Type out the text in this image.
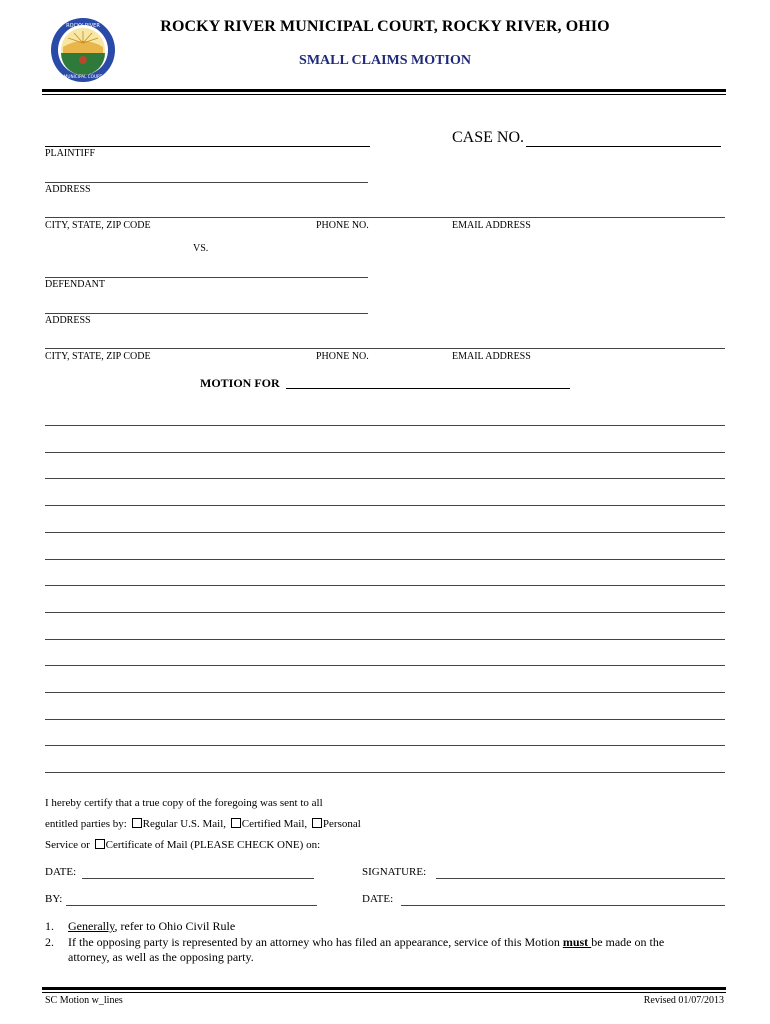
ROCKY RIVER
MUNICIPAL COURT
ROCKY RIVER MUNICIPAL COURT, ROCKY RIVER, OHIO
SMALL CLAIMS MOTION
CASE NO.
PLAINTIFF
ADDRESS
CITY, STATE, ZIP CODE	PHONE NO.	EMAIL ADDRESS
VS.
DEFENDANT
ADDRESS
CITY, STATE, ZIP CODE	PHONE NO.	EMAIL ADDRESS
MOTION FOR
I hereby certify that a true copy of the foregoing was sent to all
entitled parties by: Regular U.S. Mail, Certified Mail, Personal
Service or Certificate of Mail (PLEASE CHECK ONE) on:
DATE:	SIGNATURE:
BY:	DATE:
1. Generally, refer to Ohio Civil Rule
2. If the opposing party is represented by an attorney who has filed an appearance, service of this Motion must be made on the
attorney, as well as the opposing party.
SC Motion w_lines	Revised 01/07/2013
